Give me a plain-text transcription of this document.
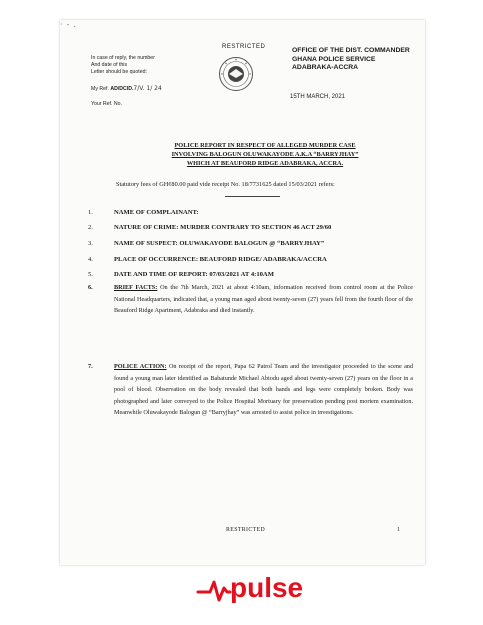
·  -  ․
RESTRICTED
In case of reply, the number
And date of this
Letter should be quoted:
My Ref. AD/DCID.7/V. 1/ 24
Your Ref. No.
OFFICE OF THE DIST. COMMANDER
GHANA POLICE SERVICE
ADABRAKA-ACCRA
15TH MARCH, 2021
POLICE REPORT IN RESPECT OF ALLEGED MURDER CASE
INVOLVING BALOGUN OLUWAKAYODE A.K.A “BARRYJHAY”
WHICH AT BEAUFORD RIDGE ADABRAKA, ACCRA.
Statutory fees of GH¢80.00 paid vide receipt No. 18/7731625 dated 15/03/2021 refers:
1.	NAME OF COMPLAINANT:
2.	NATURE OF CRIME: MURDER CONTRARY TO SECTION 46 ACT 29/60
3.	NAME OF SUSPECT: OLUWAKAYODE BALOGUN @ “BARRYJHAY”
4.	PLACE OF OCCURRENCE: BEAUFORD RIDGE/ ADABRAKA/ACCRA
5.	DATE AND TIME OF REPORT: 07/03/2021 AT 4:10AM
6.	BRIEF FACTS: On the 7th March, 2021 at about 4:10am, information received from control room at the Police National Headquarters, indicated that, a young man aged about twenty-seven (27) years fell from the fourth floor of the Beauford Ridge Apartment, Adabraka and died instantly.
7.	POLICE ACTION: On receipt of the report, Papa 62 Patrol Team and the investigator proceeded to the scene and found a young man later identified as Babatunde Michael Abiodu aged about twenty-seven (27) years on the floor in a pool of blood. Observation on the body revealed that both hands and legs were completely broken. Body was photographed and later conveyed to the Police Hospital Mortuary for preservation pending post mortem examination. Meanwhile Oluwakayode Balogun @ “Barryjhay” was arrested to assist police in investigations.
RESTRICTED	1
pulse
